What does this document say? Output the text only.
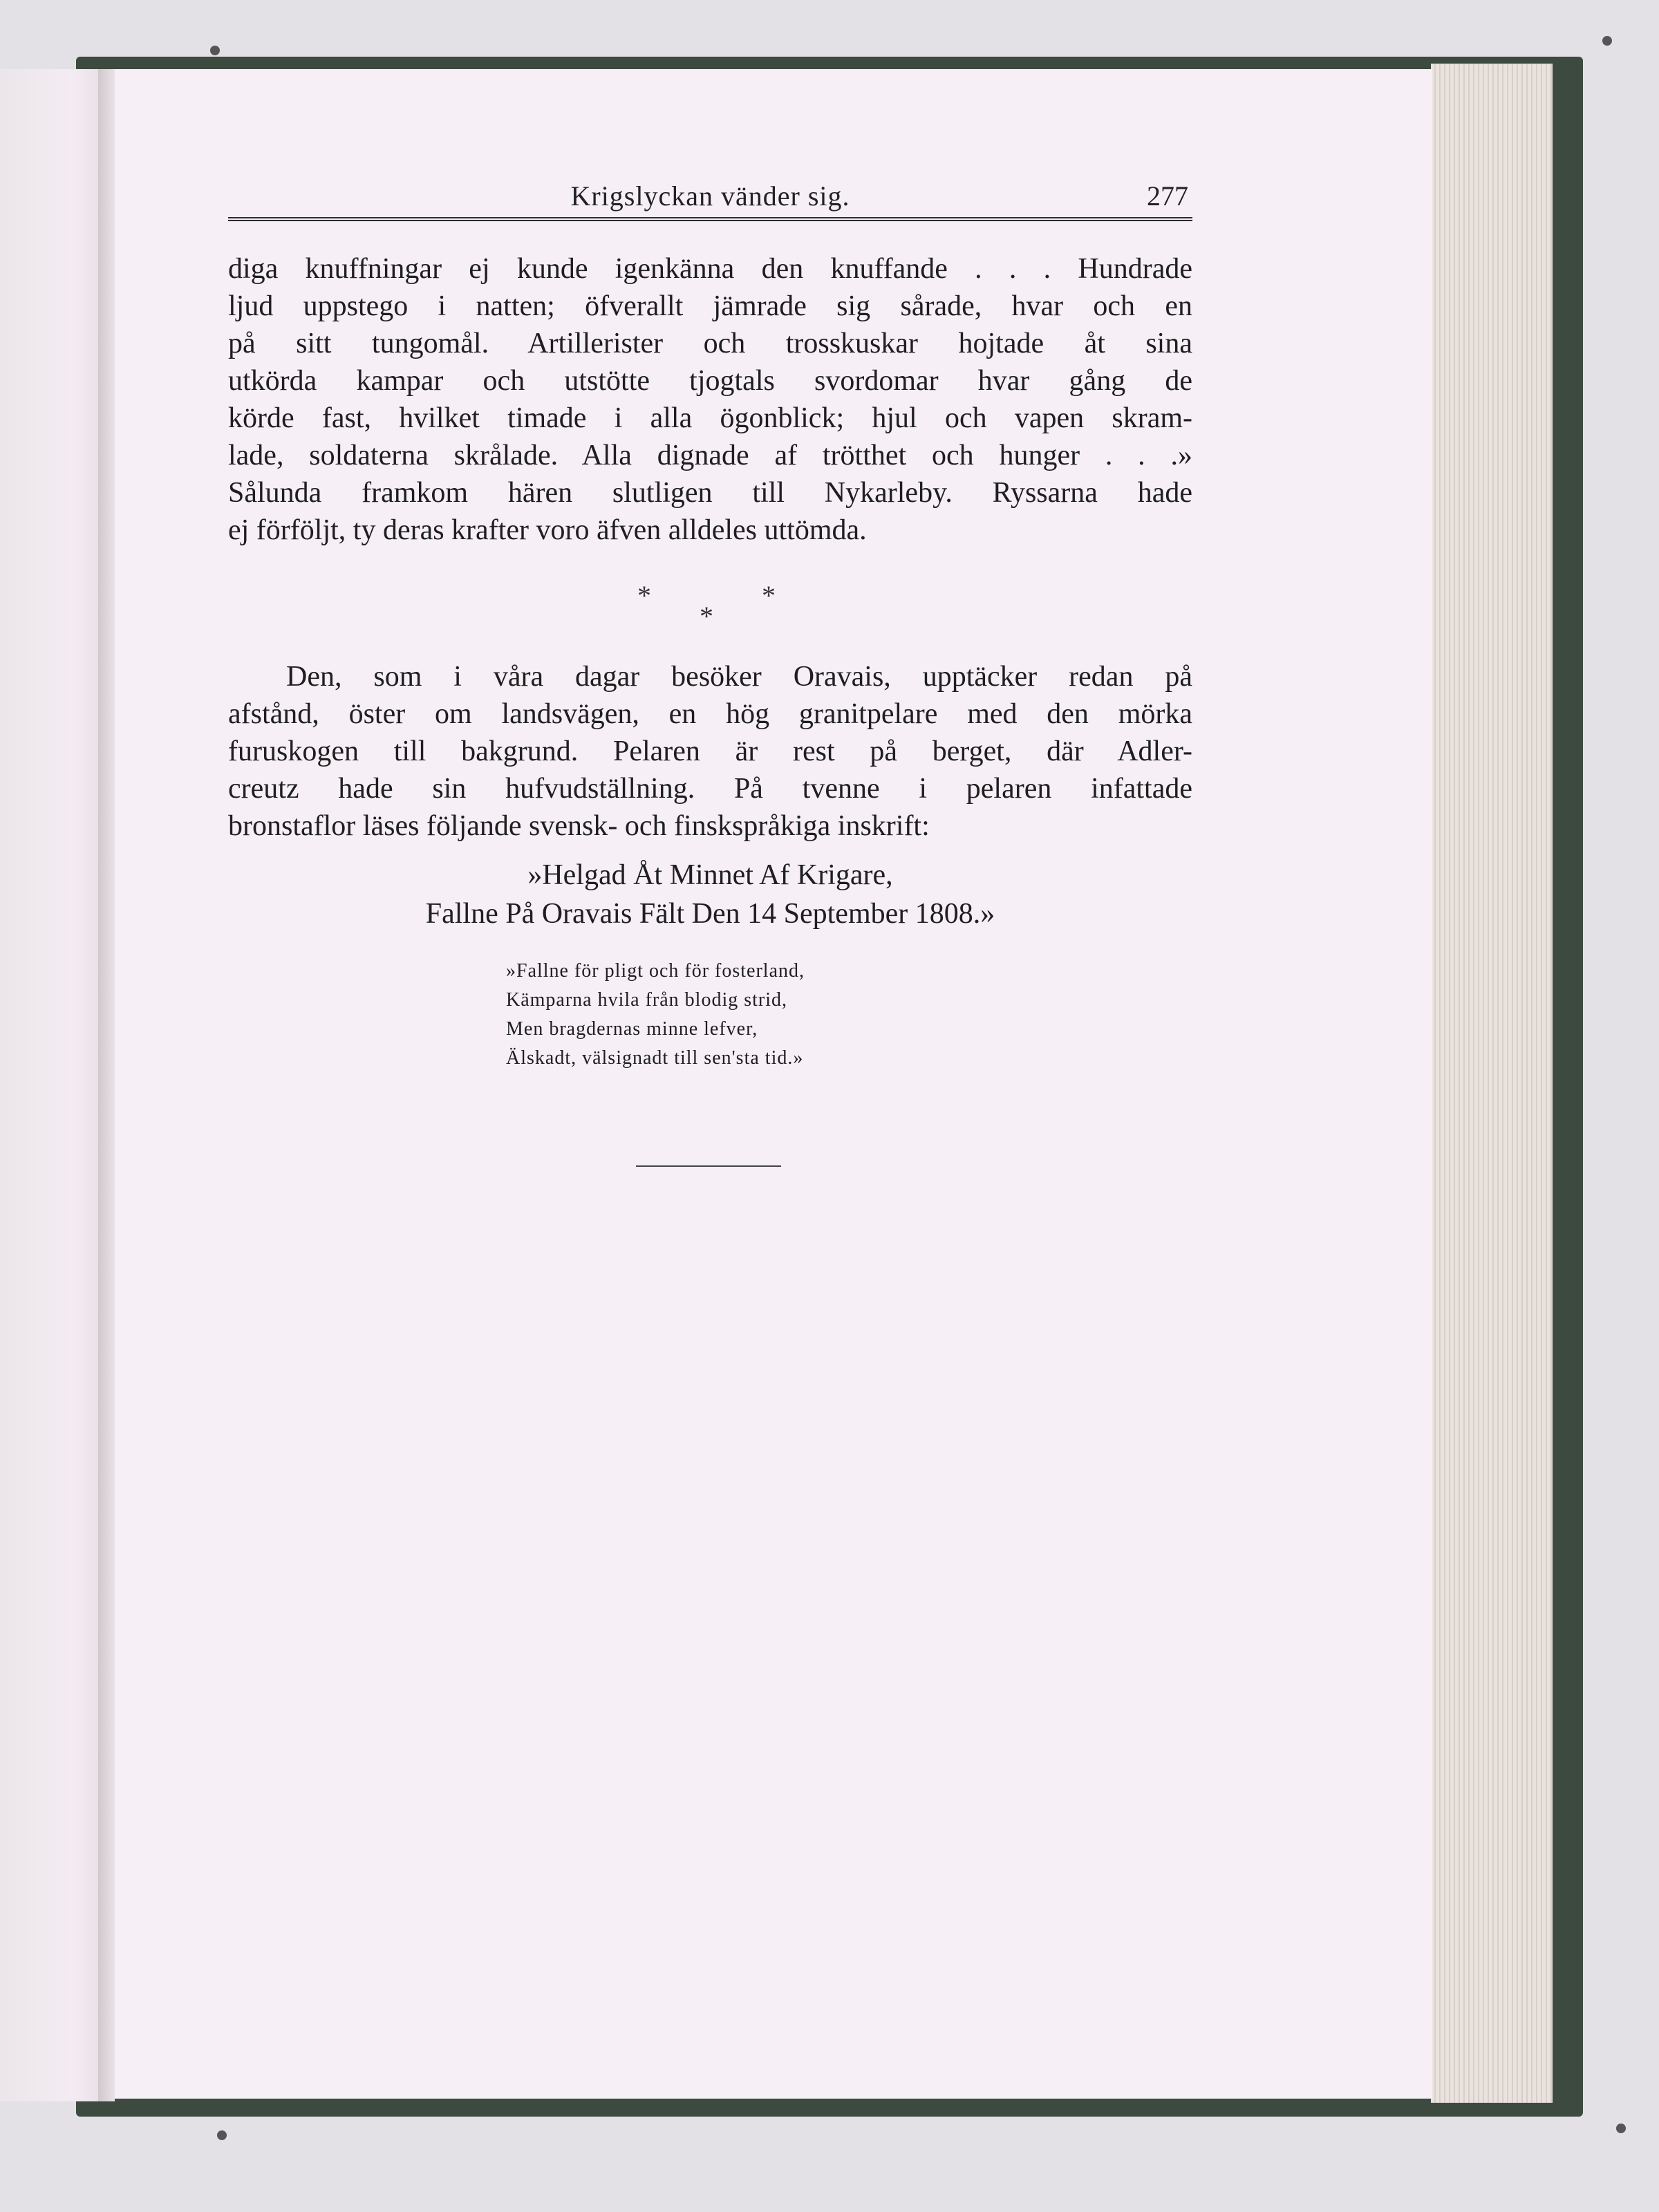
Krigslyckan vänder sig.	277
diga knuffningar ej kunde igenkänna den knuffande . . . Hundrade
ljud uppstego i natten; öfverallt jämrade sig sårade, hvar och en
på sitt tungomål. Artillerister och trosskuskar hojtade åt sina
utkörda kampar och utstötte tjogtals svordomar hvar gång de
körde fast, hvilket timade i alla ögonblick; hjul och vapen skram-
lade, soldaterna skrålade. Alla dignade af trötthet och hunger . . .»
Sålunda framkom hären slutligen till Nykarleby. Ryssarna hade
ej förföljt, ty deras krafter voro äfven alldeles uttömda.
*
*
*
Den, som i våra dagar besöker Oravais, upptäcker redan på
afstånd, öster om landsvägen, en hög granitpelare med den mörka
furuskogen till bakgrund. Pelaren är rest på berget, där Adler-
creutz hade sin hufvudställning. På tvenne i pelaren infattade
bronstaflor läses följande svensk- och finskspråkiga inskrift:
»Helgad Åt Minnet Af Krigare,
Fallne På Oravais Fält Den 14 September 1808.»
»Fallne för pligt och för fosterland,
Kämparna hvila från blodig strid,
Men bragdernas minne lefver,
Älskadt, välsignadt till sen'sta tid.»
